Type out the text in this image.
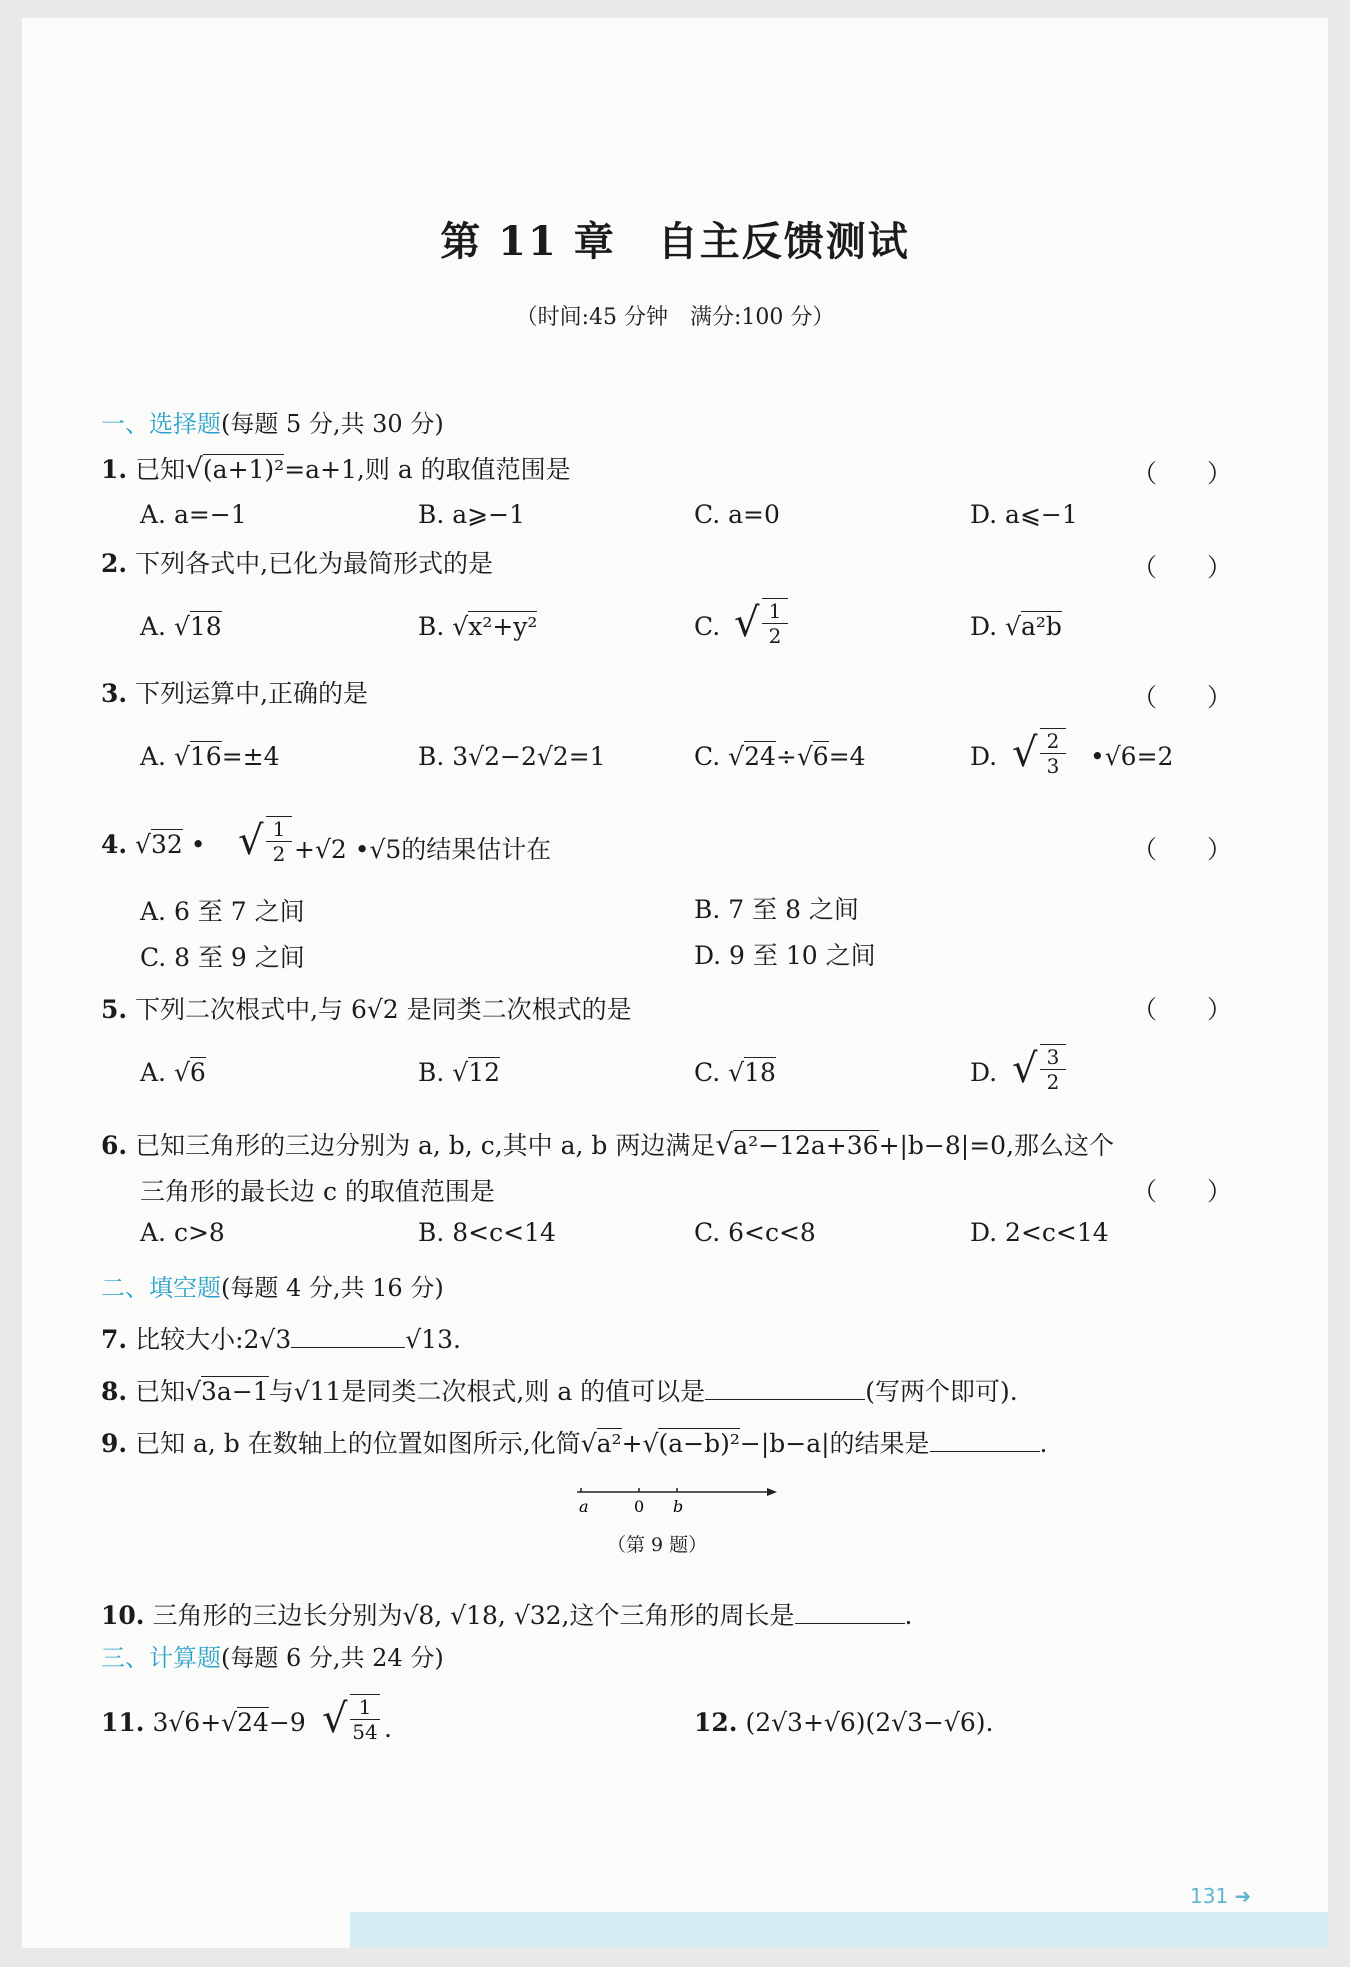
第 11 章　自主反馈测试
（时间:45 分钟　满分:100 分）
一、选择题(每题 5 分,共 30 分)
1. 已知√(a+1)²=a+1,则 a 的取值范围是	（　　）
A. a=−1	B. a⩾−1	C. a=0	D. a⩽−1
2. 下列各式中,已化为最简形式的是	（　　）
A. √18	B. √x²+y²	C. √ $\frac{1}{2}$	D. √a²b
3. 下列运算中,正确的是	（　　）
A. √16=±4	B. 3√2−2√2=1	C. √24÷√6=4	D. √ $\frac{2}{3}$ •√6=2
4. √32 • √ $\frac{1}{2} +√2$ •√5的结果估计在	（　　）
A. 6 至 7 之间	B. 7 至 8 之间
C. 8 至 9 之间	D. 9 至 10 之间
5. 下列二次根式中,与 6√2 是同类二次根式的是	（　　）
A. √6	B. √12	C. √18	D. √ $\frac{3}{2}$
6. 已知三角形的三边分别为 a, b, c,其中 a, b 两边满足√a²−12a+36+|b−8|=0,那么这个
三角形的最长边 c 的取值范围是	（　　）
A. c>8	B. 8<c<14	C. 6<c<8	D. 2<c<14
二、填空题(每题 4 分,共 16 分)
7. 比较大小:2√3	√13.
8. 已知√3a−1与√11是同类二次根式,则 a 的值可以是	(写两个即可).
9. 已知 a, b 在数轴上的位置如图所示,化简√a²+√(a−b)²−|b−a|的结果是	.
a	0 b
（第 9 题）
10. 三角形的三边长分别为√8, √18, √32,这个三角形的周长是	.
三、计算题(每题 6 分,共 24 分)
11. 3√6+√24−9 √ $\frac{1}{54}$ .	12. (2√3+√6)(2√3−√6).
131 ➜
